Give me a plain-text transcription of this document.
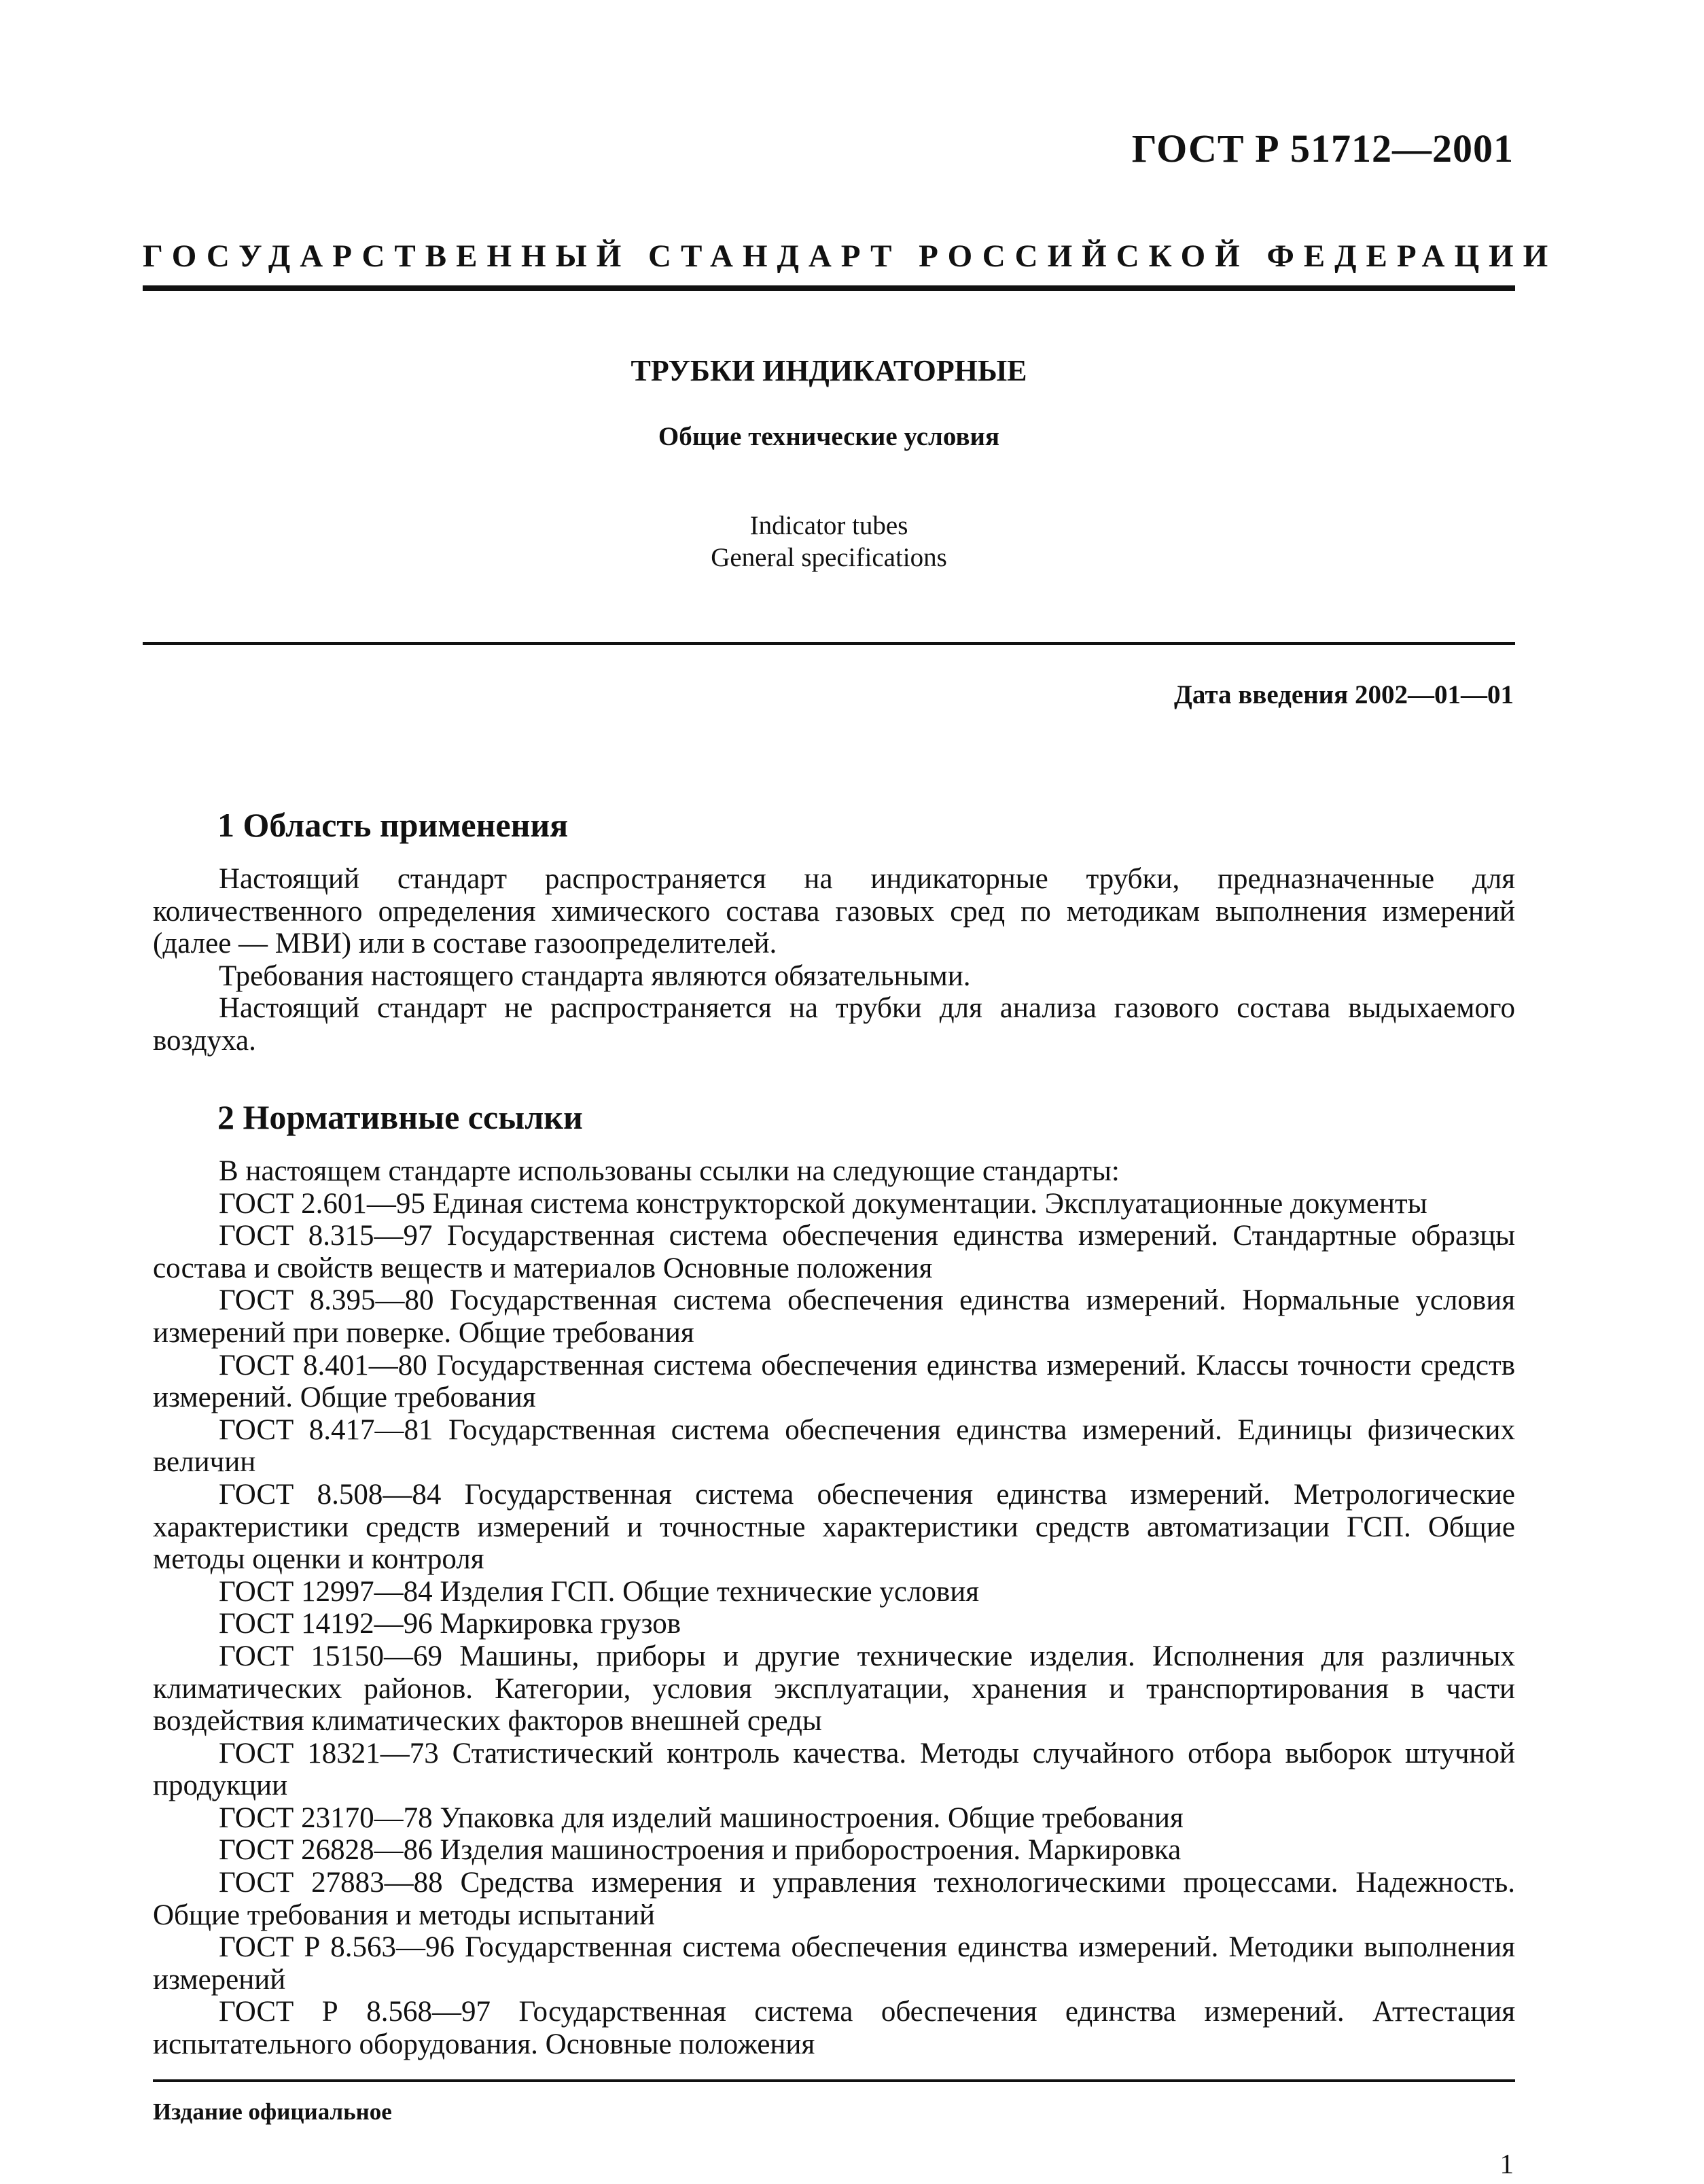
ГОСТ Р 51712—2001
ГОСУДАРСТВЕННЫЙ СТАНДАРТ РОССИЙСКОЙ ФЕДЕРАЦИИ
ТРУБКИ ИНДИКАТОРНЫЕ
Общие технические условия
Indicator tubes
General specifications
Дата введения 2002—01—01
1 Область применения

Настоящий стандарт распространяется на индикаторные трубки, предназначенные для количественного определения химического состава газовых сред по методикам выполнения измерений (далее — МВИ) или в составе газоопределителей.

Требования настоящего стандарта являются обязательными.

Настоящий стандарт не распространяется на трубки для анализа газового состава выдыхаемого воздуха.

2 Нормативные ссылки

В настоящем стандарте использованы ссылки на следующие стандарты:

ГОСТ 2.601—95 Единая система конструкторской документации. Эксплуатационные документы

ГОСТ 8.315—97 Государственная система обеспечения единства измерений. Стандартные образцы состава и свойств веществ и материалов Основные положения

ГОСТ 8.395—80 Государственная система обеспечения единства измерений. Нормальные условия измерений при поверке. Общие требования

ГОСТ 8.401—80 Государственная система обеспечения единства измерений. Классы точности средств измерений. Общие требования

ГОСТ 8.417—81 Государственная система обеспечения единства измерений. Единицы физических величин

ГОСТ 8.508—84 Государственная система обеспечения единства измерений. Метрологические характеристики средств измерений и точностные характеристики средств автоматизации ГСП. Общие методы оценки и контроля

ГОСТ 12997—84 Изделия ГСП. Общие технические условия

ГОСТ 14192—96 Маркировка грузов

ГОСТ 15150—69 Машины, приборы и другие технические изделия. Исполнения для различных климатических районов. Категории, условия эксплуатации, хранения и транспортирования в части воздействия климатических факторов внешней среды

ГОСТ 18321—73 Статистический контроль качества. Методы случайного отбора выборок штучной продукции

ГОСТ 23170—78 Упаковка для изделий машиностроения. Общие требования

ГОСТ 26828—86 Изделия машиностроения и приборостроения. Маркировка

ГОСТ 27883—88 Средства измерения и управления технологическими процессами. Надежность. Общие требования и методы испытаний

ГОСТ Р 8.563—96 Государственная система обеспечения единства измерений. Методики выполнения измерений

ГОСТ Р 8.568—97 Государственная система обеспечения единства измерений. Аттестация испытательного оборудования. Основные положения

Издание официальное
1
